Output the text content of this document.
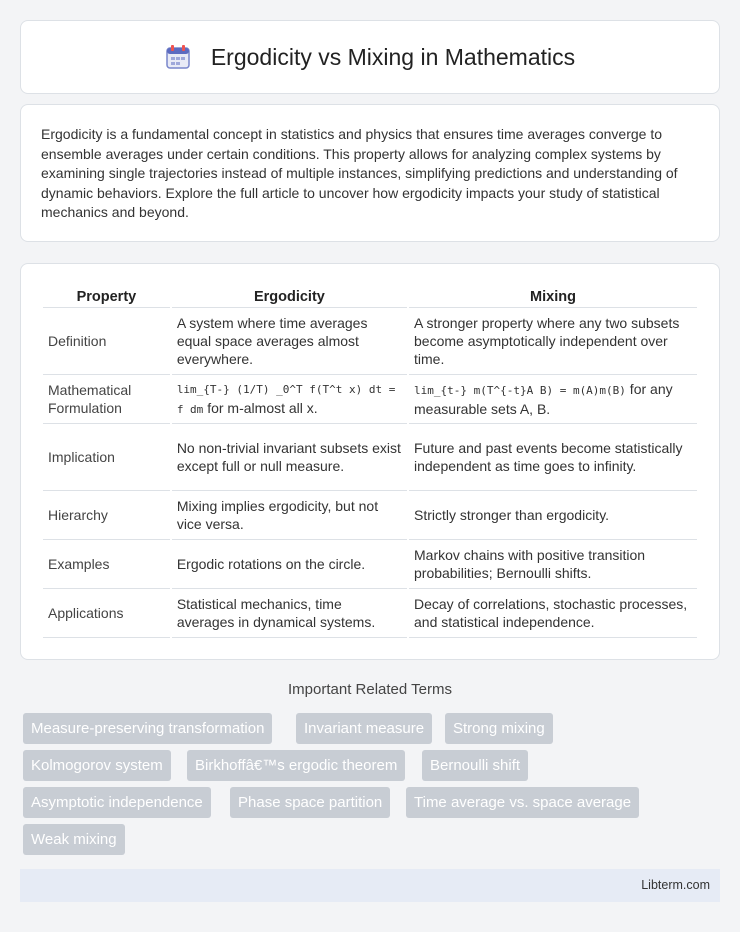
Ergodicity vs Mixing in Mathematics

Ergodicity is a fundamental concept in statistics and physics that ensures time averages converge to ensemble averages under certain conditions. This property allows for analyzing complex systems by examining single trajectories instead of multiple instances, simplifying predictions and understanding of dynamic behaviors. Explore the full article to uncover how ergodicity impacts your study of statistical mechanics and beyond.

Property	Ergodicity	Mixing
Definition	A system where time averages equal space averages almost everywhere.	A stronger property where any two subsets become asymptotically independent over time.
Mathematical Formulation	lim_{T-} (1/T) _0^T f(T^t x) dt = f dm for m-almost all x.	lim_{t-} m(T^{-t}A B) = m(A)m(B) for any measurable sets A, B.
Implication	No non-trivial invariant subsets exist except full or null measure.	Future and past events become statistically independent as time goes to infinity.
Hierarchy	Mixing implies ergodicity, but not vice versa.	Strictly stronger than ergodicity.
Examples	Ergodic rotations on the circle.	Markov chains with positive transition probabilities; Bernoulli shifts.
Applications	Statistical mechanics, time averages in dynamical systems.	Decay of correlations, stochastic processes, and statistical independence.
Important Related Terms
Measure-preserving transformation	Invariant measure	Strong mixing
Kolmogorov system	Birkhoffâ€™s ergodic theorem	Bernoulli shift
Asymptotic independence	Phase space partition	Time average vs. space average
Weak mixing
Libterm.com
